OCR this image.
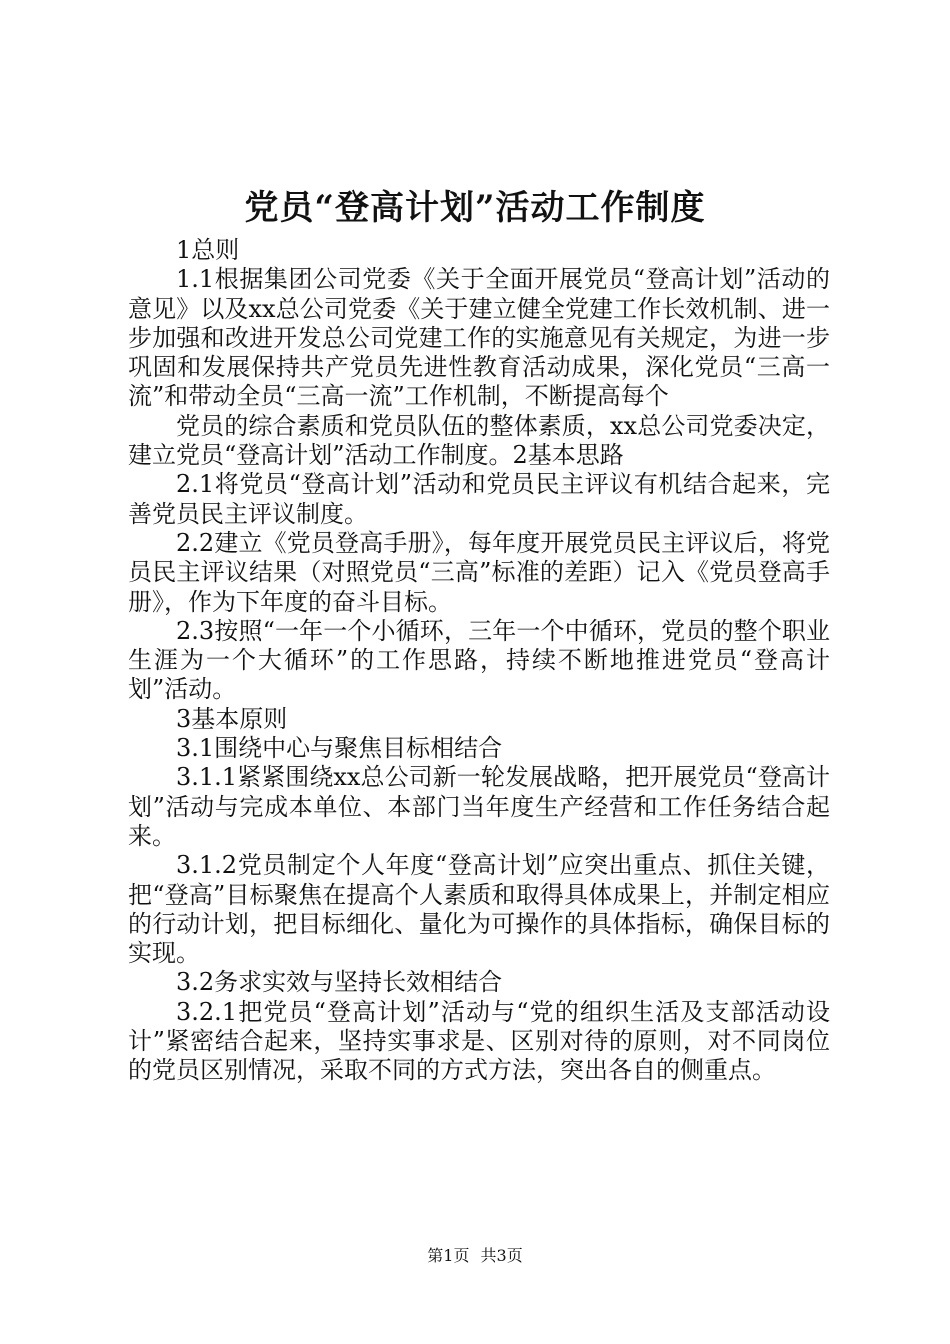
党员“登高计划”活动工作制度

1总则

1.1根据集团公司党委《关于全面开展党员“登高计划”活动的意见》以及xx总公司党委《关于建立健全党建工作长效机制、进一步加强和改进开发总公司党建工作的实施意见有关规定，为进一步巩固和发展保持共产党员先进性教育活动成果，深化党员“三高一流”和带动全员“三高一流”工作机制，不断提高每个

党员的综合素质和党员队伍的整体素质，xx总公司党委决定，建立党员“登高计划”活动工作制度。2基本思路

2.1将党员“登高计划”活动和党员民主评议有机结合起来，完善党员民主评议制度。

2.2建立《党员登高手册》，每年度开展党员民主评议后，将党员民主评议结果（对照党员“三高”标准的差距）记入《党员登高手册》，作为下年度的奋斗目标。

2.3按照“一年一个小循环，三年一个中循环，党员的整个职业生涯为一个大循环”的工作思路，持续不断地推进党员“登高计划”活动。

3基本原则

3.1围绕中心与聚焦目标相结合

3.1.1紧紧围绕xx总公司新一轮发展战略，把开展党员“登高计划”活动与完成本单位、本部门当年度生产经营和工作任务结合起来。

3.1.2党员制定个人年度“登高计划”应突出重点、抓住关键，把“登高”目标聚焦在提高个人素质和取得具体成果上，并制定相应的行动计划，把目标细化、量化为可操作的具体指标，确保目标的实现。

3.2务求实效与坚持长效相结合

3.2.1把党员“登高计划”活动与“党的组织生活及支部活动设计”紧密结合起来，坚持实事求是、区别对待的原则，对不同岗位的党员区别情况，采取不同的方式方法，突出各自的侧重点。

第1页 共3页
